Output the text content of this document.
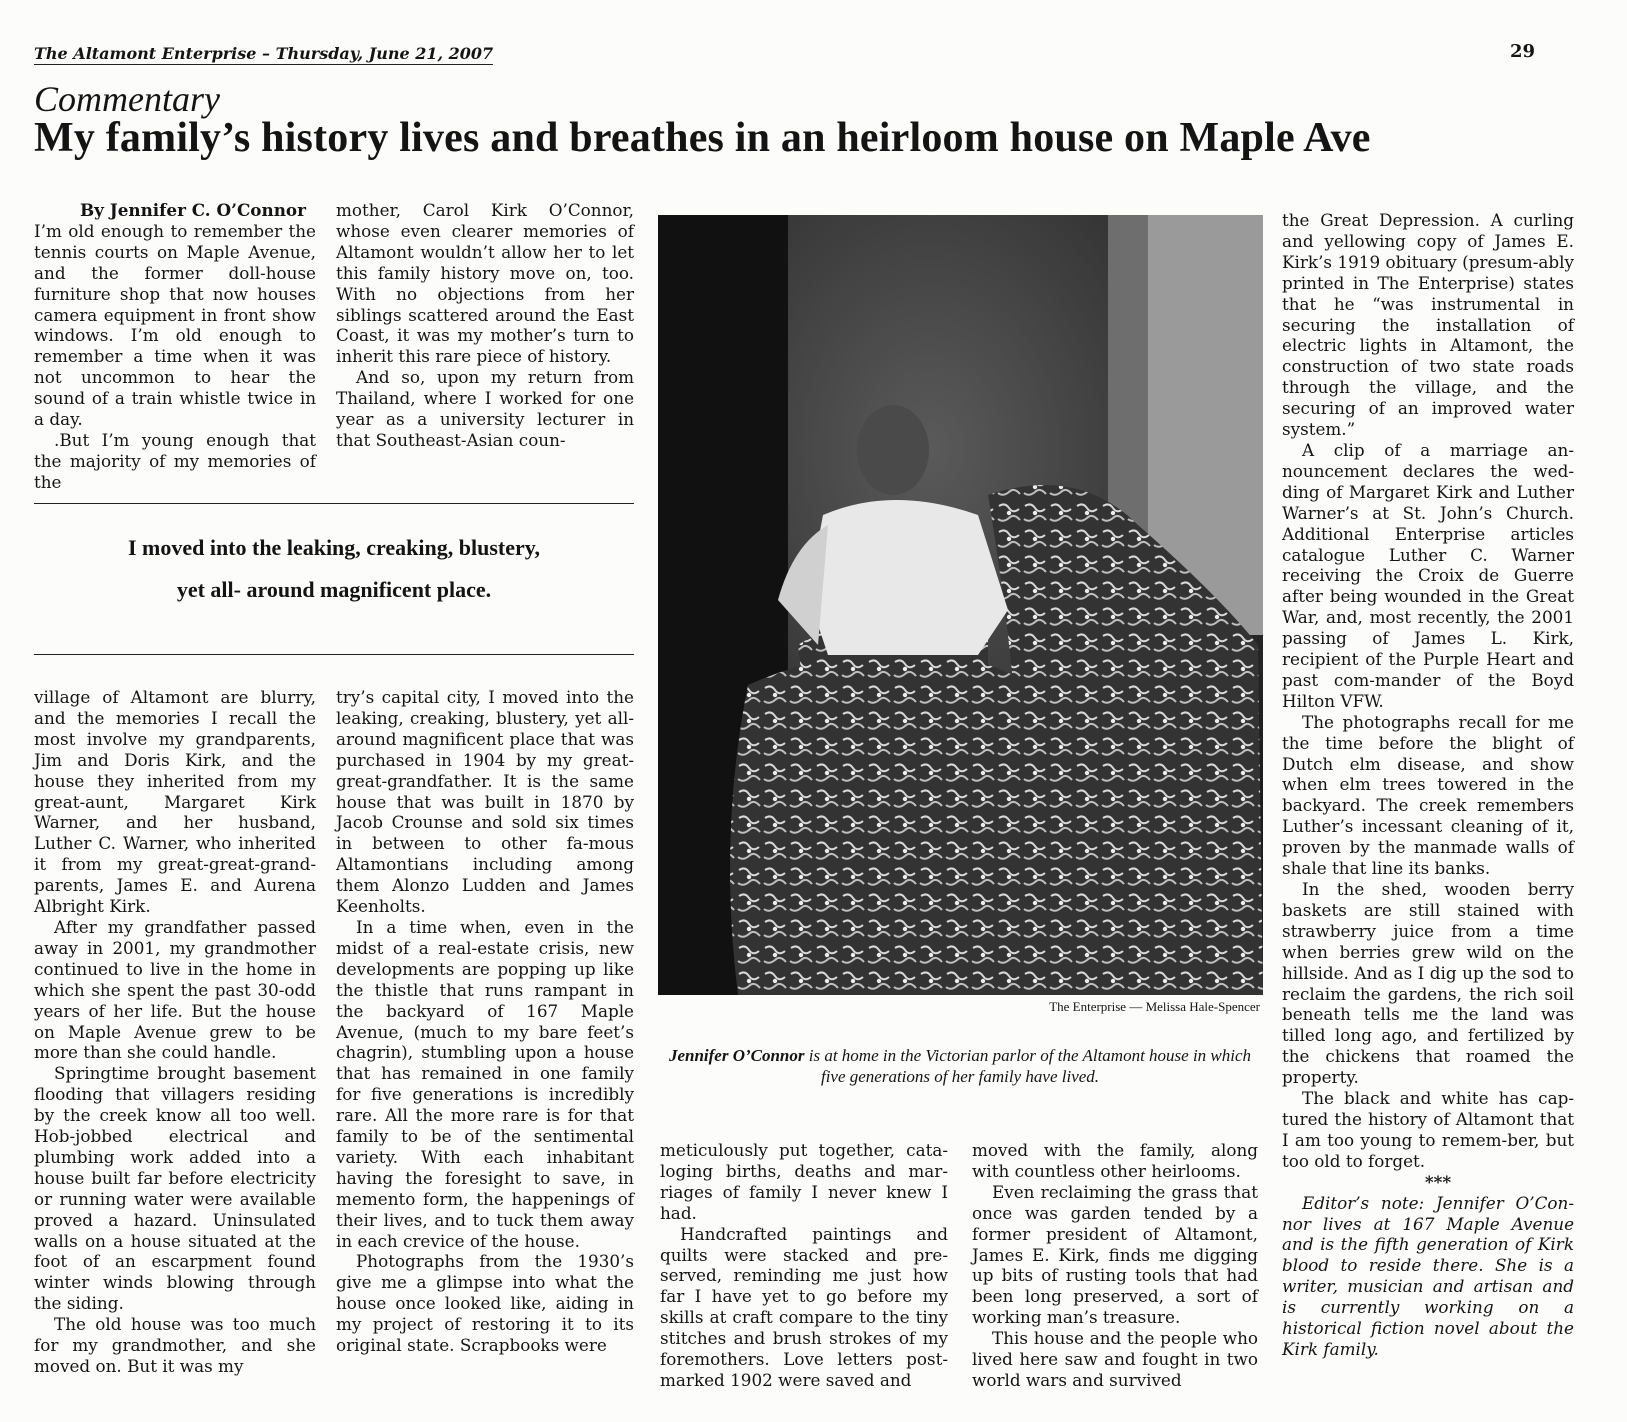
The Altamont Enterprise – Thursday, June 21, 2007	29
Commentary
My family’s history lives and breathes in an heirloom house on Maple Ave

By Jennifer C. O’Connor

I’m old enough to remember the tennis courts on Maple Avenue, and the former doll-house furniture shop that now houses camera equipment in front show windows. I’m old enough to remember a time when it was not uncommon to hear the sound of a train whistle twice in a day.

.But I’m young enough that the majority of my memories of the

mother, Carol Kirk O’Connor, whose even clearer memories of Altamont wouldn’t allow her to let this family history move on, too. With no objections from her siblings scattered around the East Coast, it was my mother’s turn to inherit this rare piece of history.

And so, upon my return from Thailand, where I worked for one year as a university lecturer in that Southeast-Asian coun-

I moved into the leaking, creaking, blustery,
yet all- around magnificent place.

village of Altamont are blurry, and the memories I recall the most involve my grandparents, Jim and Doris Kirk, and the house they inherited from my great-aunt, Margaret Kirk Warner, and her husband, Luther C. Warner, who inherited it from my great-great-grand-parents, James E. and Aurena Albright Kirk.

After my grandfather passed away in 2001, my grandmother continued to live in the home in which she spent the past 30-odd years of her life. But the house on Maple Avenue grew to be more than she could handle.

Springtime brought basement flooding that villagers residing by the creek know all too well. Hob-jobbed electrical and plumbing work added into a house built far before electricity or running water were available proved a hazard. Uninsulated walls on a house situated at the foot of an escarpment found winter winds blowing through the siding.

The old house was too much for my grandmother, and she moved on. But it was my

try’s capital city, I moved into the leaking, creaking, blustery, yet all-around magnificent place that was purchased in 1904 by my great-great-grandfather. It is the same house that was built in 1870 by Jacob Crounse and sold six times in between to other fa-mous Altamontians including among them Alonzo Ludden and James Keenholts.

In a time when, even in the midst of a real-estate crisis, new developments are popping up like the thistle that runs rampant in the backyard of 167 Maple Avenue, (much to my bare feet’s chagrin), stumbling upon a house that has remained in one family for five generations is incredibly rare. All the more rare is for that family to be of the sentimental variety. With each inhabitant having the foresight to save, in memento form, the happenings of their lives, and to tuck them away in each crevice of the house.

Photographs from the 1930’s give me a glimpse into what the house once looked like, aiding in my project of restoring it to its original state. Scrapbooks were

The Enterprise — Melissa Hale-Spencer
Jennifer O’Connor is at home in the Victorian parlor of the Altamont house in which five generations of her family have lived.

meticulously put together, cata-loging births, deaths and mar-riages of family I never knew I had.

Handcrafted paintings and quilts were stacked and pre-served, reminding me just how far I have yet to go before my skills at craft compare to the tiny stitches and brush strokes of my foremothers. Love letters post-marked 1902 were saved and

moved with the family, along with countless other heirlooms.

Even reclaiming the grass that once was garden tended by a former president of Altamont, James E. Kirk, finds me digging up bits of rusting tools that had been long preserved, a sort of working man’s treasure.

This house and the people who lived here saw and fought in two world wars and survived

the Great Depression. A curling and yellowing copy of James E. Kirk’s 1919 obituary (presum-ably printed in The Enterprise) states that he “was instrumental in securing the installation of electric lights in Altamont, the construction of two state roads through the village, and the securing of an improved water system.”

A clip of a marriage an-nouncement declares the wed-ding of Margaret Kirk and Luther Warner’s at St. John’s Church. Additional Enterprise articles catalogue Luther C. Warner receiving the Croix de Guerre after being wounded in the Great War, and, most recently, the 2001 passing of James L. Kirk, recipient of the Purple Heart and past com-mander of the Boyd Hilton VFW.

The photographs recall for me the time before the blight of Dutch elm disease, and show when elm trees towered in the backyard. The creek remembers Luther’s incessant cleaning of it, proven by the manmade walls of shale that line its banks.

In the shed, wooden berry baskets are still stained with strawberry juice from a time when berries grew wild on the hillside. And as I dig up the sod to reclaim the gardens, the rich soil beneath tells me the land was tilled long ago, and fertilized by the chickens that roamed the property.

The black and white has cap-tured the history of Altamont that I am too young to remem-ber, but too old to forget.

***

Editor’s note: Jennifer O’Con-nor lives at 167 Maple Avenue and is the fifth generation of Kirk blood to reside there. She is a writer, musician and artisan and is currently working on a historical fiction novel about the Kirk family.
